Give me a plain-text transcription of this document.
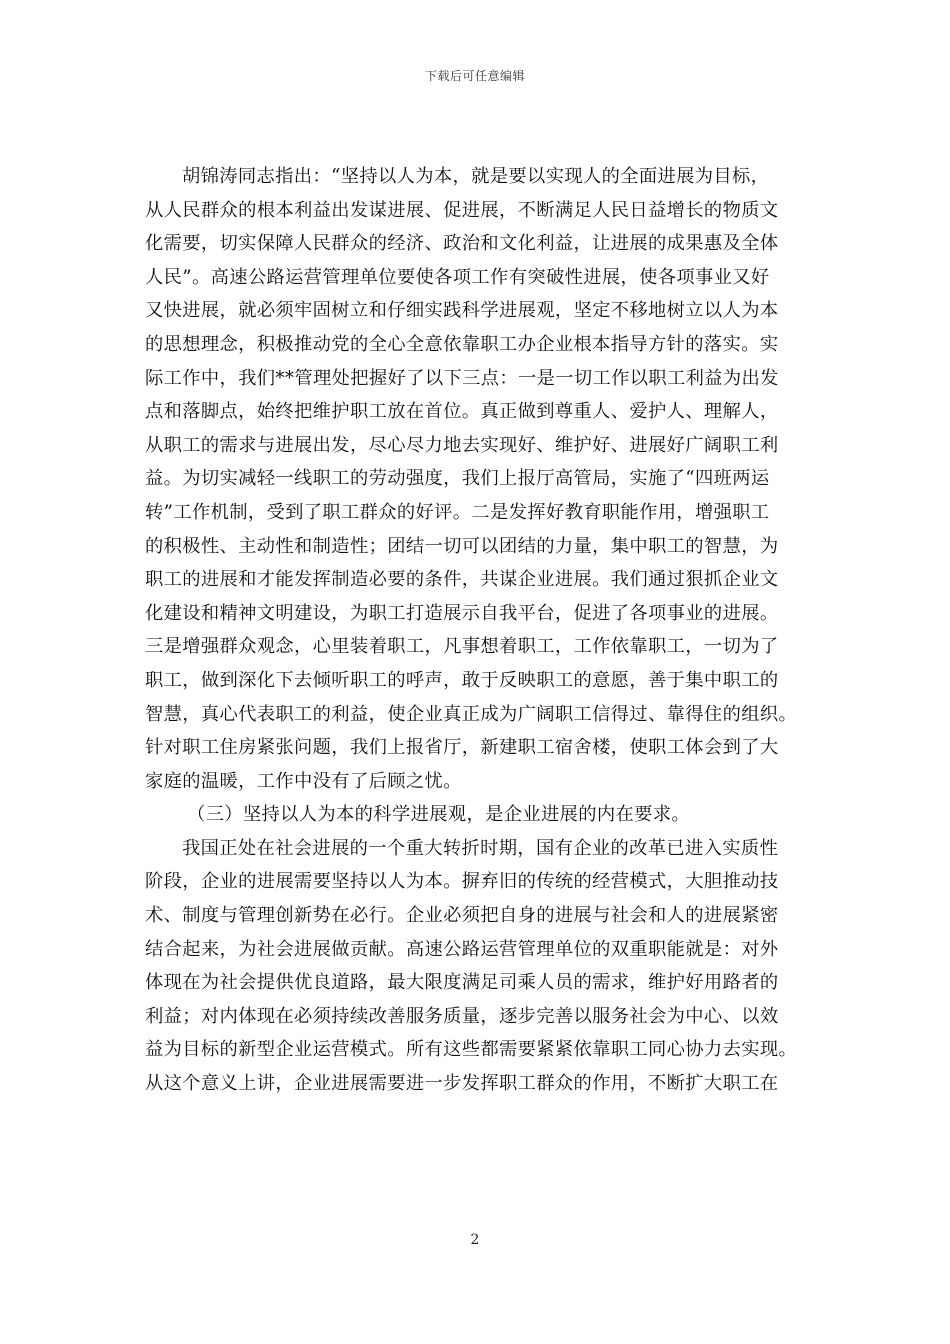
下载后可任意编辑
胡锦涛同志指出：“坚持以人为本，就是要以实现人的全面进展为目标，
从人民群众的根本利益出发谋进展、促进展，不断满足人民日益增长的物质文
化需要，切实保障人民群众的经济、政治和文化利益，让进展的成果惠及全体
人民”。高速公路运营管理单位要使各项工作有突破性进展，使各项事业又好
又快进展，就必须牢固树立和仔细实践科学进展观，坚定不移地树立以人为本
的思想理念，积极推动党的全心全意依靠职工办企业根本指导方针的落实。实
际工作中，我们**管理处把握好了以下三点：一是一切工作以职工利益为出发
点和落脚点，始终把维护职工放在首位。真正做到尊重人、爱护人、理解人，
从职工的需求与进展出发，尽心尽力地去实现好、维护好、进展好广阔职工利
益。为切实减轻一线职工的劳动强度，我们上报厅高管局，实施了“四班两运
转”工作机制，受到了职工群众的好评。二是发挥好教育职能作用，增强职工
的积极性、主动性和制造性；团结一切可以团结的力量，集中职工的智慧，为
职工的进展和才能发挥制造必要的条件，共谋企业进展。我们通过狠抓企业文
化建设和精神文明建设，为职工打造展示自我平台，促进了各项事业的进展。
三是增强群众观念，心里装着职工，凡事想着职工，工作依靠职工，一切为了
职工，做到深化下去倾听职工的呼声，敢于反映职工的意愿，善于集中职工的
智慧，真心代表职工的利益，使企业真正成为广阔职工信得过、靠得住的组织。
针对职工住房紧张问题，我们上报省厅，新建职工宿舍楼，使职工体会到了大
家庭的温暖，工作中没有了后顾之忧。
（三）坚持以人为本的科学进展观，是企业进展的内在要求。
我国正处在社会进展的一个重大转折时期，国有企业的改革已进入实质性
阶段，企业的进展需要坚持以人为本。摒弃旧的传统的经营模式，大胆推动技
术、制度与管理创新势在必行。企业必须把自身的进展与社会和人的进展紧密
结合起来，为社会进展做贡献。高速公路运营管理单位的双重职能就是：对外
体现在为社会提供优良道路，最大限度满足司乘人员的需求，维护好用路者的
利益；对内体现在必须持续改善服务质量，逐步完善以服务社会为中心、以效
益为目标的新型企业运营模式。所有这些都需要紧紧依靠职工同心协力去实现。
从这个意义上讲，企业进展需要进一步发挥职工群众的作用，不断扩大职工在
2
